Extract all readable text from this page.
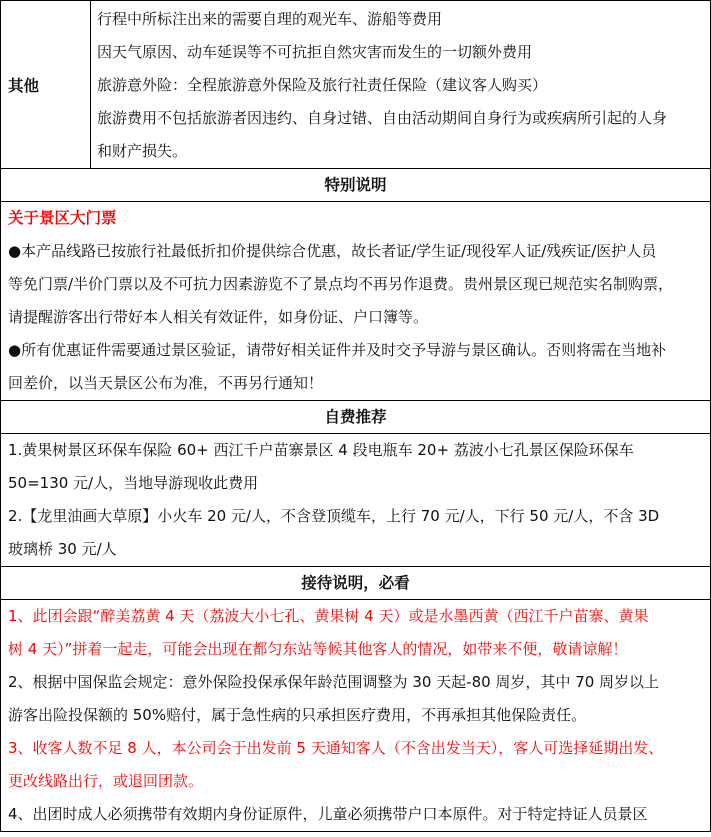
其他	
行程中所标注出来的需要自理的观光车、游船等费用
因天气原因、动车延误等不可抗拒自然灾害而发生的一切额外费用
旅游意外险：全程旅游意外保险及旅行社责任保险（建议客人购买）
旅游费用不包括旅游者因违约、自身过错、自由活动期间自身行为或疾病所引起的人身
和财产损失。

特别说明

关于景区大门票
●本产品线路已按旅行社最低折扣价提供综合优惠，故长者证/学生证/现役军人证/残疾证/医护人员
等免门票/半价门票以及不可抗力因素游览不了景点均不再另作退费。贵州景区现已规范实名制购票，
请提醒游客出行带好本人相关有效证件，如身份证、户口簿等。
●所有优惠证件需要通过景区验证，请带好相关证件并及时交予导游与景区确认。否则将需在当地补
回差价，以当天景区公布为准，不再另行通知！

自费推荐

1.黄果树景区环保车保险 60+ 西江千户苗寨景区 4 段电瓶车 20+ 荔波小七孔景区保险环保车
50=130 元/人，当地导游现收此费用
2.【龙里油画大草原】小火车 20 元/人，不含登顶缆车，上行 70 元/人，下行 50 元/人，不含 3D
玻璃桥 30 元/人

接待说明，必看

1、此团会跟“醉美荔黄 4 天（荔波大小七孔、黄果树 4 天）或是水墨西黄（西江千户苗寨、黄果
树 4 天）”拼着一起走，可能会出现在都匀东站等候其他客人的情况，如带来不便，敬请谅解！
2、根据中国保监会规定：意外保险投保承保年龄范围调整为 30 天起-80 周岁，其中 70 周岁以上
游客出险投保额的 50%赔付，属于急性病的只承担医疗费用，不再承担其他保险责任。
3、收客人数不足 8 人，本公司会于出发前 5 天通知客人（不含出发当天），客人可选择延期出发、
更改线路出行，或退回团款。
4、出团时成人必须携带有效期内身份证原件，儿童必须携带户口本原件。对于特定持证人员景区
